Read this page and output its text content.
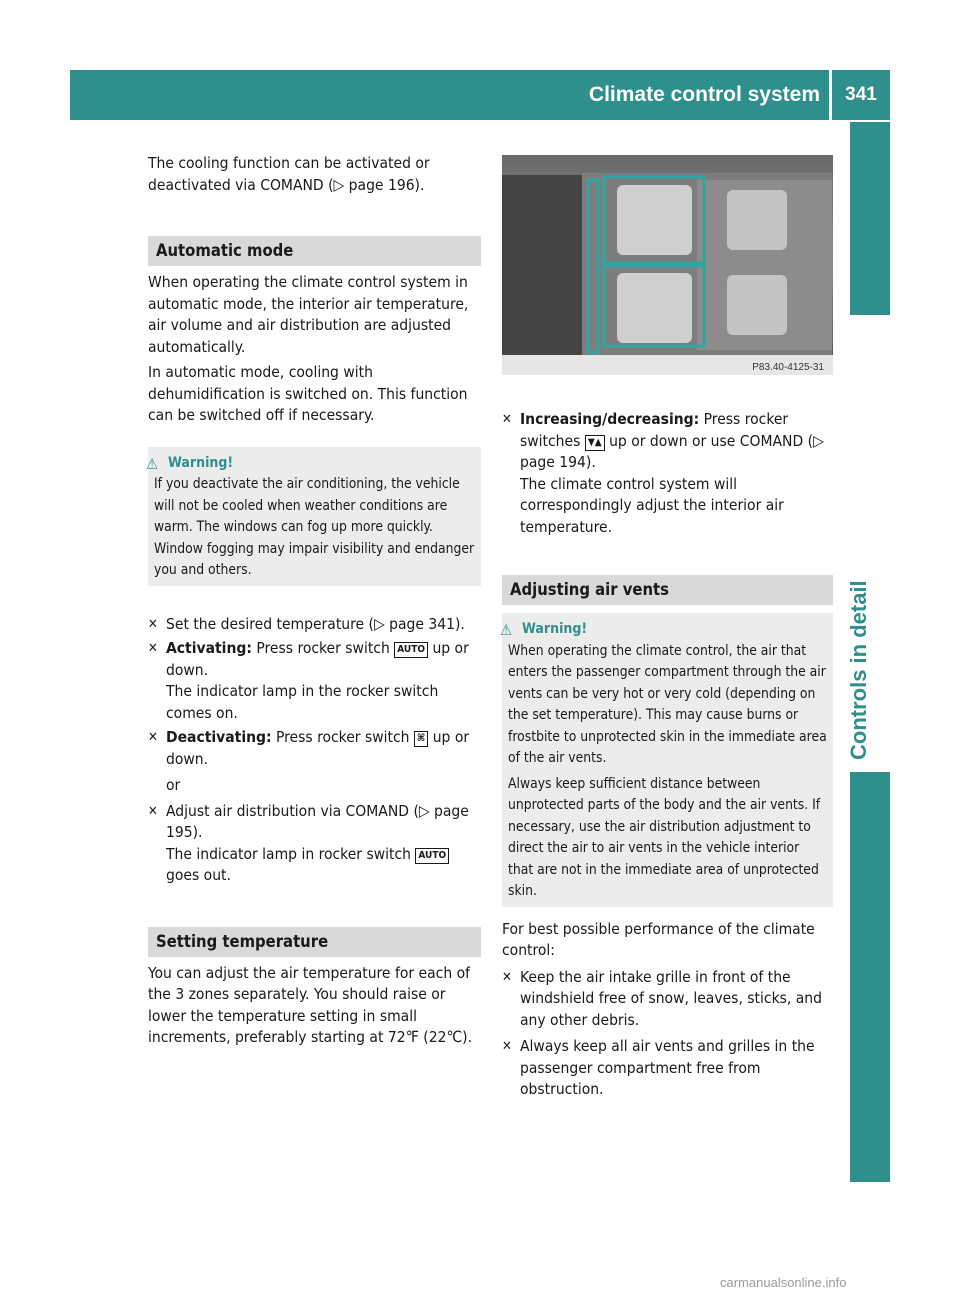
Climate control system	341
Controls in detail

The cooling function can be activated or deactivated via COMAND (▷ page 196).

Automatic mode

When operating the climate control system in automatic mode, the interior air temperature, air volume and air distribution are adjusted automatically.

In automatic mode, cooling with dehumidification is switched on. This function can be switched off if necessary.

⚠ Warning!
If you deactivate the air conditioning, the vehicle will not be cooled when weather conditions are warm. The windows can fog up more quickly. Window fogging may impair visibility and endanger you and others.
✕ Set the desired temperature (▷ page 341).
✕ Activating: Press rocker switch AUTO up or down.
The indicator lamp in the rocker switch comes on.
✕ Deactivating: Press rocker switch ⌘ up or down.

or

✕ Adjust air distribution via COMAND (▷ page 195).
The indicator lamp in rocker switch AUTO
goes out.
Setting temperature

You can adjust the air temperature for each of the 3 zones separately. You should raise or lower the temperature setting in small increments, preferably starting at 72℉ (22℃).

P83.40-4125-31
✕ Increasing/decreasing: Press rocker switches ▼▲ up or down or use COMAND (▷ page 194).
The climate control system will correspondingly adjust the interior air temperature.
Adjusting air vents
⚠ Warning!
When operating the climate control, the air that enters the passenger compartment through the air vents can be very hot or very cold (depending on the set temperature). This may cause burns or frostbite to unprotected skin in the immediate area of the air vents.
Always keep sufficient distance between unprotected parts of the body and the air vents. If necessary, use the air distribution adjustment to direct the air to air vents in the vehicle interior that are not in the immediate area of unprotected skin.

For best possible performance of the climate control:

✕ Keep the air intake grille in front of the windshield free of snow, leaves, sticks, and any other debris.
✕ Always keep all air vents and grilles in the passenger compartment free from obstruction.
carmanualsonline.info
